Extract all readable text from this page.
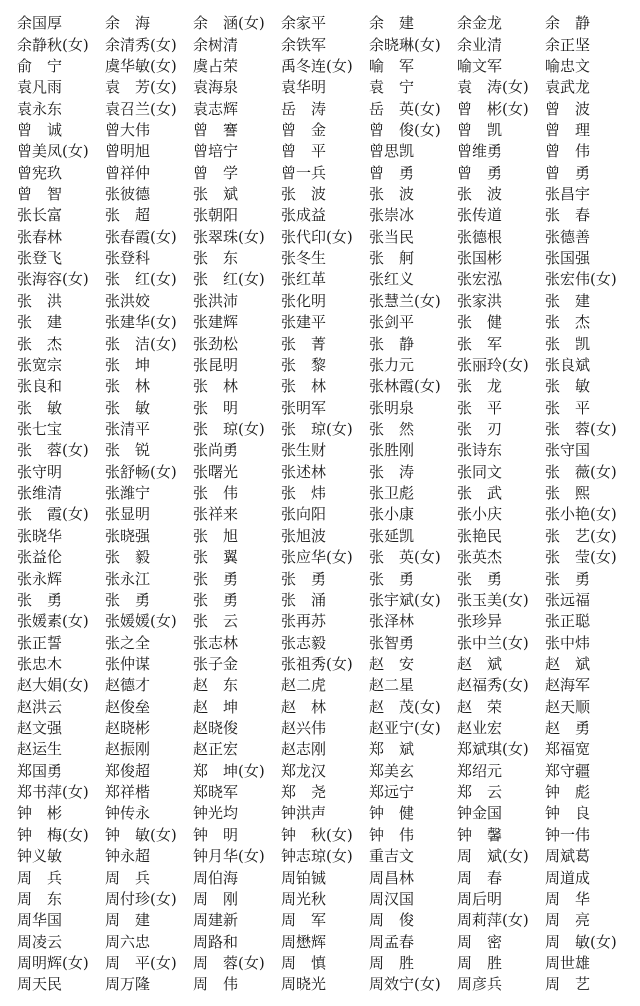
余国厚	余　海	余　涵(女)	余家平	余　建	余金龙	余　静
余静秋(女)	余清秀(女)	余树清	余铁军	余晓琳(女)	余业清	余正坚
俞　宁	虞华敏(女)	虞占荣	禹冬连(女)	喻　军	喻文军	喻忠文
袁凡雨	袁　芳(女)	袁海泉	袁华明	袁　宁	袁　涛(女)	袁武龙
袁永东	袁召兰(女)	袁志辉	岳　涛	岳　英(女)	曾　彬(女)	曾　波
曾　诚	曾大伟	曾　謇	曾　金	曾　俊(女)	曾　凯	曾　理
曾美凤(女)	曾明旭	曾培宁	曾　平	曾思凯	曾维勇	曾　伟
曾宪玖	曾祥仲	曾　学	曾一兵	曾　勇	曾　勇	曾　勇
曾　智	张彼德	张　斌	张　波	张　波	张　波	张昌宇
张长富	张　超	张朝阳	张成益	张崇冰	张传道	张　春
张春林	张春霞(女)	张翠珠(女)	张代印(女)	张当民	张德根	张德善
张登飞	张登科	张　东	张冬生	张　舸	张国彬	张国强
张海容(女)	张　红(女)	张　红(女)	张红革	张红义	张宏泓	张宏伟(女)
张　洪	张洪姣	张洪沛	张化明	张慧兰(女)	张家洪	张　建
张　建	张建华(女)	张建辉	张建平	张剑平	张　健	张　杰
张　杰	张　洁(女)	张劲松	张　菁	张　静	张　军	张　凯
张宽宗	张　坤	张昆明	张　黎	张力元	张丽玲(女)	张良斌
张良和	张　林	张　林	张　林	张林霞(女)	张　龙	张　敏
张　敏	张　敏	张　明	张明军	张明泉	张　平	张　平
张七宝	张清平	张　琼(女)	张　琼(女)	张　然	张　刃	张　蓉(女)
张　蓉(女)	张　锐	张尚勇	张生财	张胜刚	张诗东	张守国
张守明	张舒畅(女)	张曙光	张述林	张　涛	张同文	张　薇(女)
张维清	张潍宁	张　伟	张　炜	张卫彪	张　武	张　熙
张　霞(女)	张显明	张祥来	张向阳	张小康	张小庆	张小艳(女)
张晓华	张晓强	张　旭	张旭波	张延凯	张艳民	张　艺(女)
张益伦	张　毅	张　翼	张应华(女)	张　英(女)	张英杰	张　莹(女)
张永辉	张永江	张　勇	张　勇	张　勇	张　勇	张　勇
张　勇	张　勇	张　勇	张　涌	张宇斌(女)	张玉美(女)	张远福
张媛素(女)	张媛媛(女)	张　云	张再苏	张泽林	张珍异	张正聪
张正誓	张之全	张志林	张志毅	张智勇	张中兰(女)	张中炜
张忠木	张仲谋	张子金	张祖秀(女)	赵　安	赵　斌	赵　斌
赵大娟(女)	赵德才	赵　东	赵二虎	赵二星	赵福秀(女)	赵海军
赵洪云	赵俊垒	赵　坤	赵　林	赵　茂(女)	赵　荣	赵天顺
赵文强	赵晓彬	赵晓俊	赵兴伟	赵亚宁(女)	赵业宏	赵　勇
赵运生	赵振刚	赵正宏	赵志刚	郑　斌	郑斌琪(女)	郑福宽
郑国勇	郑俊超	郑　坤(女)	郑龙汉	郑美玄	郑绍元	郑守疆
郑书萍(女)	郑祥楷	郑晓军	郑　尧	郑远宁	郑　云	钟　彪
钟　彬	钟传永	钟光均	钟洪声	钟　健	钟金国	钟　良
钟　梅(女)	钟　敏(女)	钟　明	钟　秋(女)	钟　伟	钟　馨	钟一伟
钟义敏	钟永超	钟月华(女)	钟志琼(女)	重吉文	周　斌(女)	周斌葛
周　兵	周　兵	周伯海	周铂铖	周昌林	周　春	周道成
周　东	周付珍(女)	周　刚	周光秋	周汉国	周后明	周　华
周华国	周　建	周建新	周　军	周　俊	周莉萍(女)	周　亮
周凌云	周六忠	周路和	周懋辉	周孟春	周　密	周　敏(女)
周明辉(女)	周　平(女)	周　蓉(女)	周　慎	周　胜	周　胜	周世雄
周天民	周万隆	周　伟	周晓光	周效宁(女)	周彦兵	周　艺
